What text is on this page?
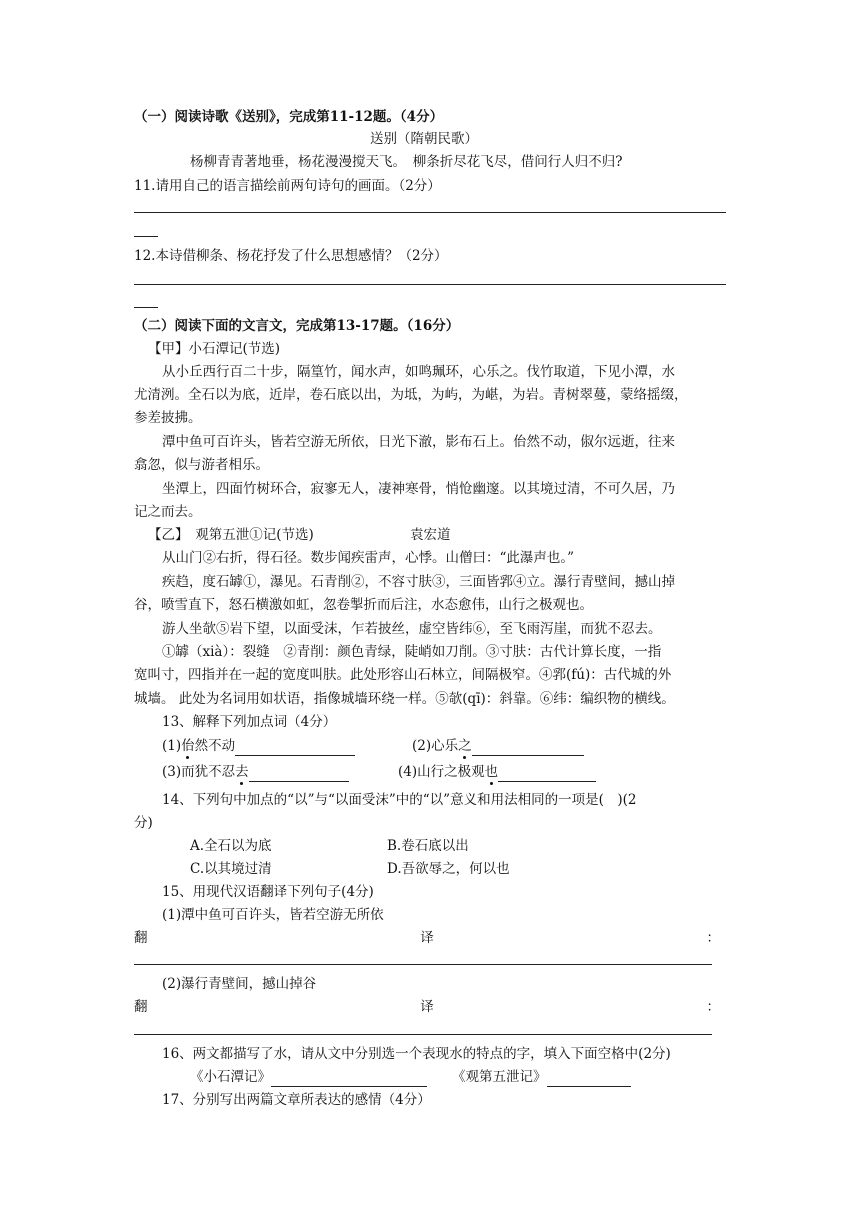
（一）阅读诗歌《送别》，完成第11-12题。（4分）
送别（隋朝民歌）
杨柳青青著地垂，杨花漫漫搅天飞。　柳条折尽花飞尽，借问行人归不归?
11.请用自己的语言描绘前两句诗句的画面。（2分）
12.本诗借柳条、杨花抒发了什么思想感情？（2分）
（二）阅读下面的文言文，完成第13-17题。（16分）
【甲】小石潭记(节选)
从小丘西行百二十步，隔篁竹，闻水声，如鸣珮环，心乐之。伐竹取道，下见小潭，水
尤清洌。全石以为底，近岸，卷石底以出，为坻，为屿，为嵁，为岩。青树翠蔓，蒙络摇缀，
参差披拂。
潭中鱼可百许头，皆若空游无所依，日光下澈，影布石上。佁然不动，俶尔远逝，往来
翕忽，似与游者相乐。
坐潭上，四面竹树环合，寂寥无人，凄神寒骨，悄怆幽邃。以其境过清，不可久居，乃
记之而去。
【乙】　观第五泄①记(节选)	袁宏道
从山门②右折，得石径。数步闻疾雷声，心悸。山僧曰：“此瀑声也。”
疾趋，度石罅①，瀑见。石青削②，不容寸肤③，三面皆郛④立。瀑行青壁间，撼山掉
谷，喷雪直下，怒石横激如虹，忽卷掣折而后注，水态愈伟，山行之极观也。
游人坐欹⑤岩下望，以面受沫，乍若披丝，虚空皆纬⑥，至飞雨泻崖，而犹不忍去。
①罅（xià）：裂缝　②青削：颜色青绿，陡峭如刀削。③寸肤：古代计算长度，一指
宽叫寸，四指并在一起的宽度叫肤。此处形容山石林立，间隔极窄。④郛(fú)：古代城的外
城墙。 此处为名词用如状语，指像城墙环绕一样。⑤欹(qī)：斜靠。⑥纬：编织物的横线。
13、解释下列加点词（4分）
(1)佁然不动	(2)心乐之
(3)而犹不忍去	(4)山行之极观也
14、下列句中加点的“以”与“以面受沫”中的“以”意义和用法相同的一项是(　)(2
分)
A.全石以为底	B.卷石底以出
C.以其境过清	D.吾欲辱之，何以也
15、用现代汉语翻译下列句子(4分)
(1)潭中鱼可百许头，皆若空游无所依
翻	译	：
(2)瀑行青壁间，撼山掉谷
翻	译	：
16、两文都描写了水，请从文中分别选一个表现水的特点的字，填入下面空格中(2分)
《小石潭记》	《观第五泄记》
17、分别写出两篇文章所表达的感情（4分）
